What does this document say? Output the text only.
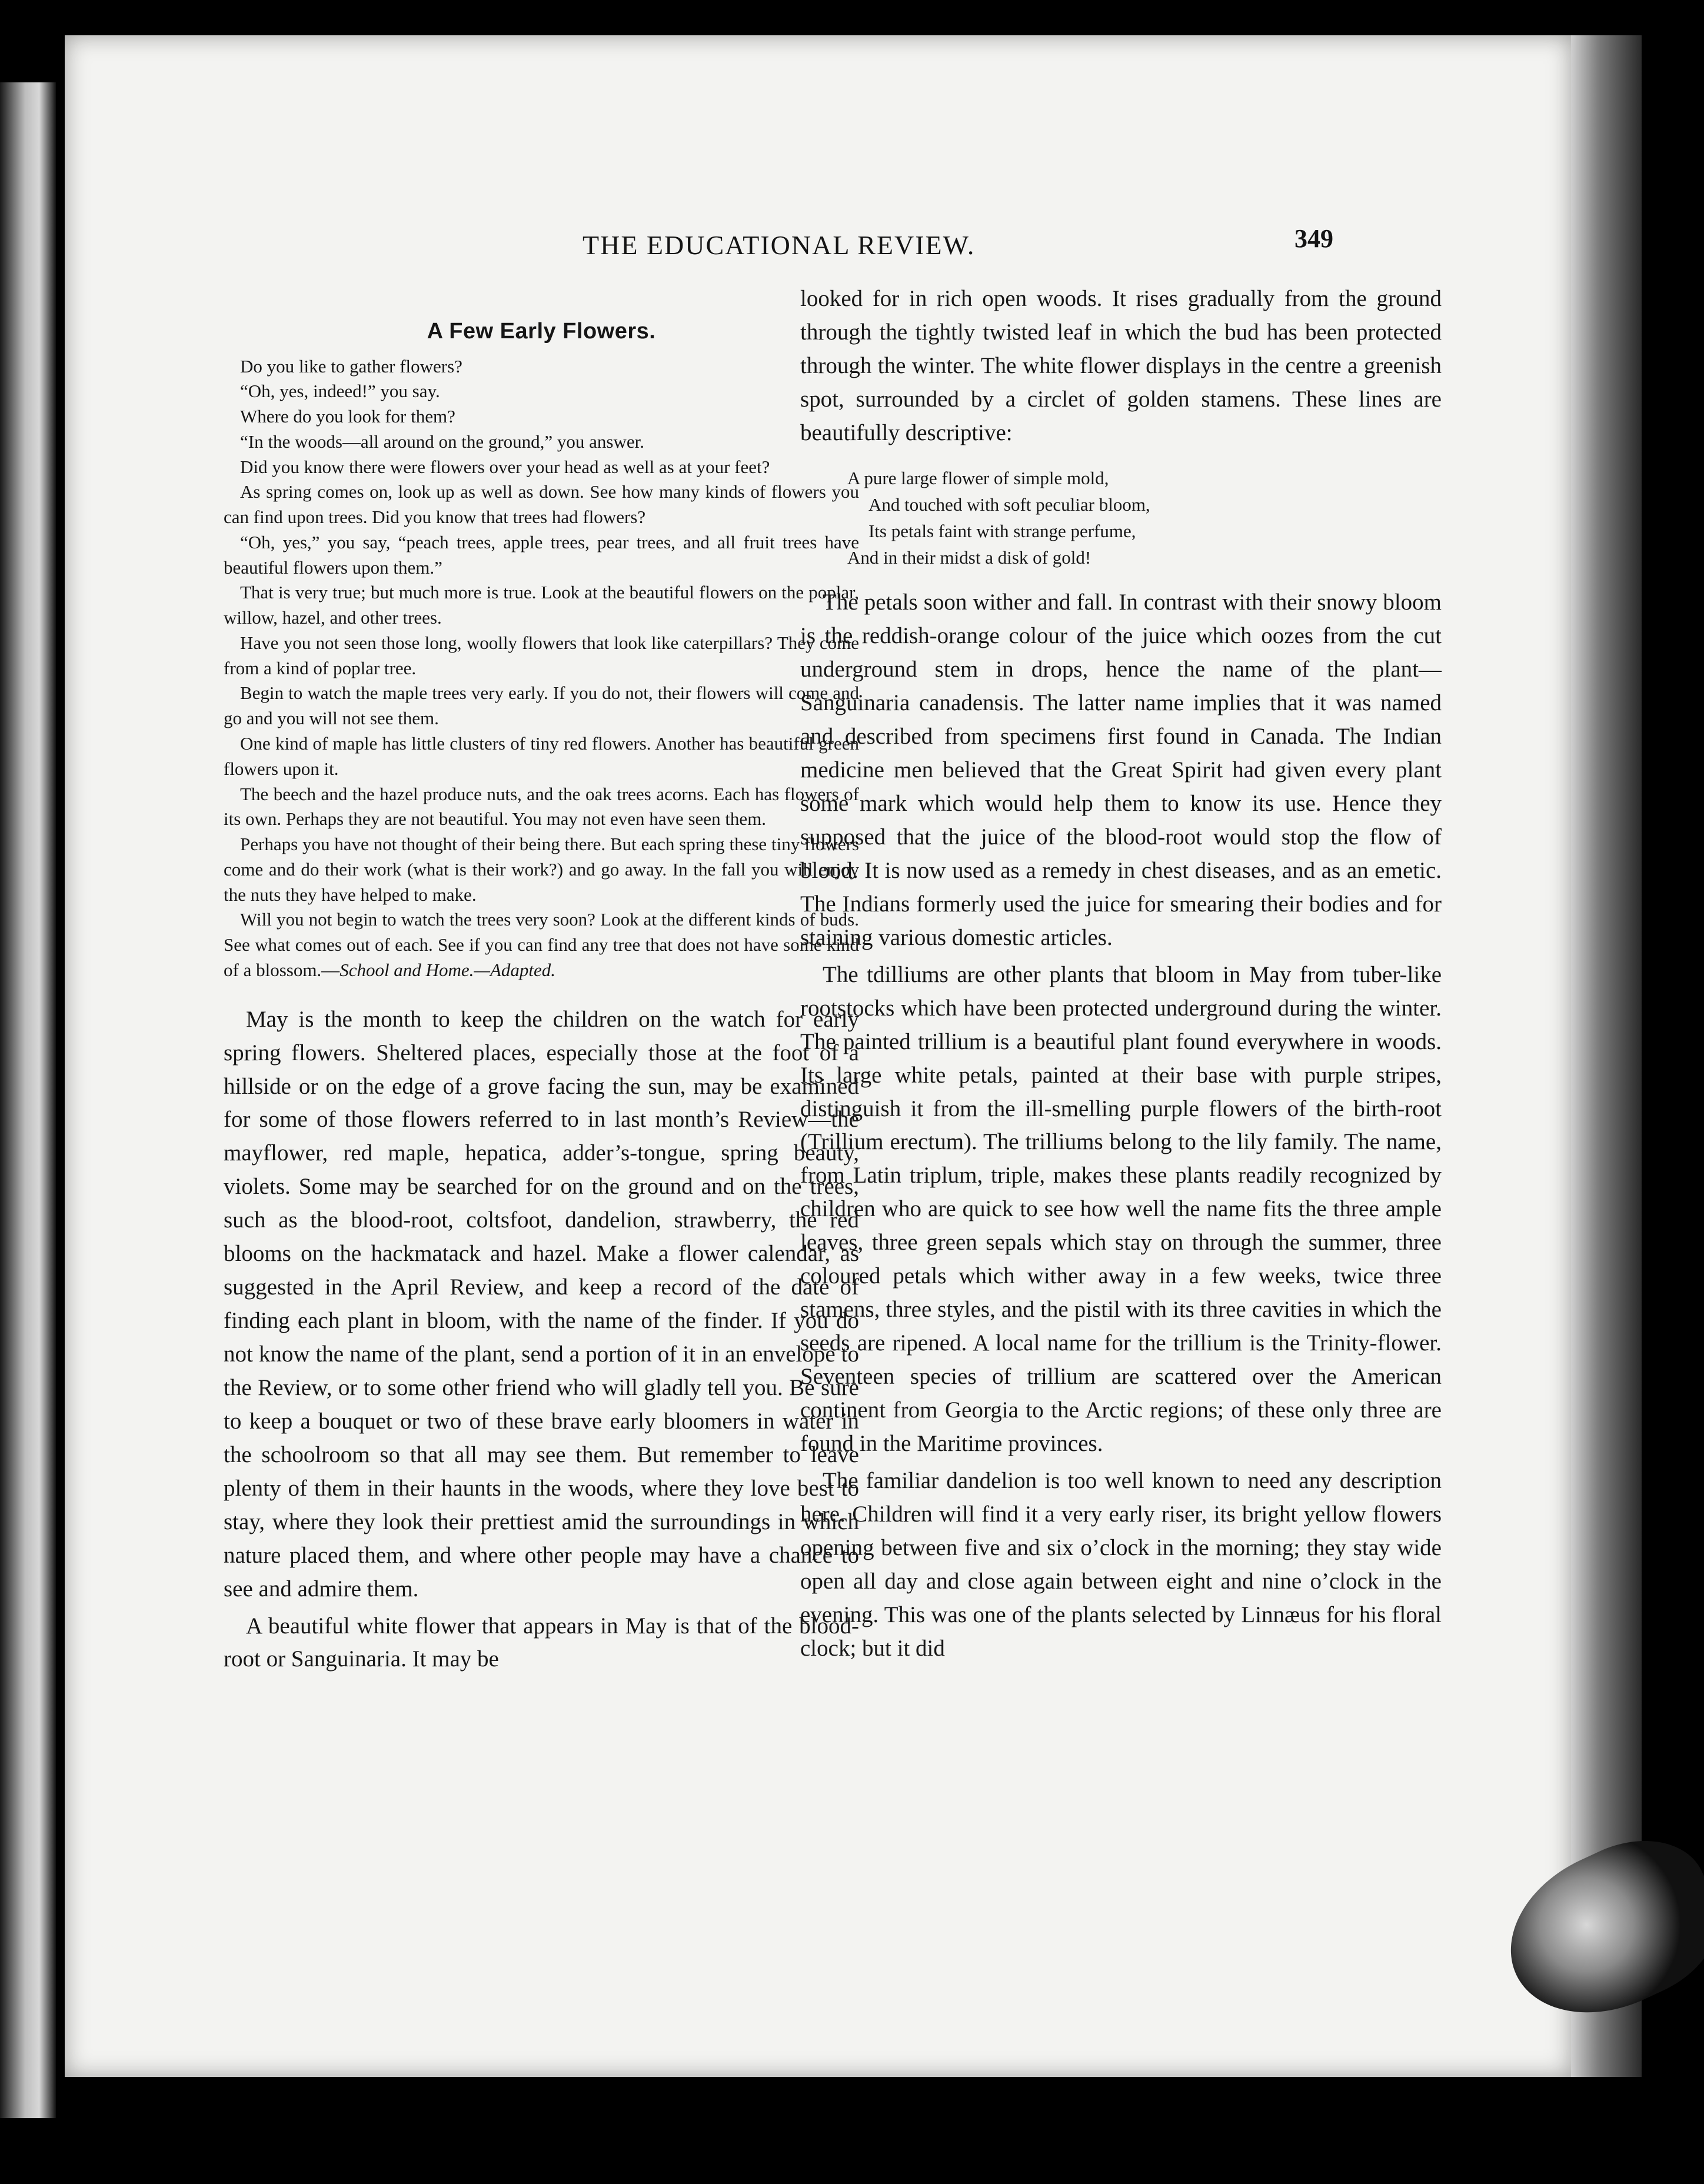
THE EDUCATIONAL REVIEW.	349
A Few Early Flowers.

Do you like to gather flowers?

“Oh, yes, indeed!” you say.

Where do you look for them?

“In the woods—all around on the ground,” you answer.

Did you know there were flowers over your head as well as at your feet?

As spring comes on, look up as well as down. See how many kinds of flowers you can find upon trees. Did you know that trees had flowers?

“Oh, yes,” you say, “peach trees, apple trees, pear trees, and all fruit trees have beautiful flowers upon them.”

That is very true; but much more is true. Look at the beautiful flowers on the poplar, willow, hazel, and other trees.

Have you not seen those long, woolly flowers that look like caterpillars? They come from a kind of poplar tree.

Begin to watch the maple trees very early. If you do not, their flowers will come and go and you will not see them.

One kind of maple has little clusters of tiny red flowers. Another has beautiful green flowers upon it.

The beech and the hazel produce nuts, and the oak trees acorns. Each has flowers of its own. Perhaps they are not beautiful. You may not even have seen them.

Perhaps you have not thought of their being there. But each spring these tiny flowers come and do their work (what is their work?) and go away. In the fall you will enjoy the nuts they have helped to make.

Will you not begin to watch the trees very soon? Look at the different kinds of buds. See what comes out of each. See if you can find any tree that does not have some kind of a blossom.—School and Home.—Adapted.

May is the month to keep the children on the watch for early spring flowers. Sheltered places, especially those at the foot of a hillside or on the edge of a grove facing the sun, may be examined for some of those flowers referred to in last month’s Review—the mayflower, red maple, hepatica, adder’s-tongue, spring beauty, violets. Some may be searched for on the ground and on the trees, such as the blood-root, coltsfoot, dandelion, strawberry, the red blooms on the hackmatack and hazel. Make a flower calendar, as suggested in the April Review, and keep a record of the date of finding each plant in bloom, with the name of the finder. If you do not know the name of the plant, send a portion of it in an envelope to the Review, or to some other friend who will gladly tell you. Be sure to keep a bouquet or two of these brave early bloomers in water in the schoolroom so that all may see them. But remember to leave plenty of them in their haunts in the woods, where they love best to stay, where they look their prettiest amid the surroundings in which nature placed them, and where other people may have a chance to see and admire them.

A beautiful white flower that appears in May is that of the blood-root or Sanguinaria. It may be

looked for in rich open woods. It rises gradually from the ground through the tightly twisted leaf in which the bud has been protected through the winter. The white flower displays in the centre a greenish spot, surrounded by a circlet of golden stamens. These lines are beautifully descriptive:

A pure large flower of simple mold,
And touched with soft peculiar bloom,
Its petals faint with strange perfume,
And in their midst a disk of gold!

The petals soon wither and fall. In contrast with their snowy bloom is the reddish-orange colour of the juice which oozes from the cut underground stem in drops, hence the name of the plant—Sanguinaria canadensis. The latter name implies that it was named and described from specimens first found in Canada. The Indian medicine men believed that the Great Spirit had given every plant some mark which would help them to know its use. Hence they supposed that the juice of the blood-root would stop the flow of blood. It is now used as a remedy in chest diseases, and as an emetic. The Indians formerly used the juice for smearing their bodies and for staining various domestic articles.

The tdilliums are other plants that bloom in May from tuber-like rootstocks which have been protected underground during the winter. The painted trillium is a beautiful plant found everywhere in woods. Its large white petals, painted at their base with purple stripes, distinguish it from the ill-smelling purple flowers of the birth-root (Trillium erectum). The trilliums belong to the lily family. The name, from Latin triplum, triple, makes these plants readily recognized by children who are quick to see how well the name fits the three ample leaves, three green sepals which stay on through the summer, three coloured petals which wither away in a few weeks, twice three stamens, three styles, and the pistil with its three cavities in which the seeds are ripened. A local name for the trillium is the Trinity-flower. Seventeen species of trillium are scattered over the American continent from Georgia to the Arctic regions; of these only three are found in the Maritime provinces.

The familiar dandelion is too well known to need any description here. Children will find it a very early riser, its bright yellow flowers opening between five and six o’clock in the morning; they stay wide open all day and close again between eight and nine o’clock in the evening. This was one of the plants selected by Linnæus for his floral clock; but it did
